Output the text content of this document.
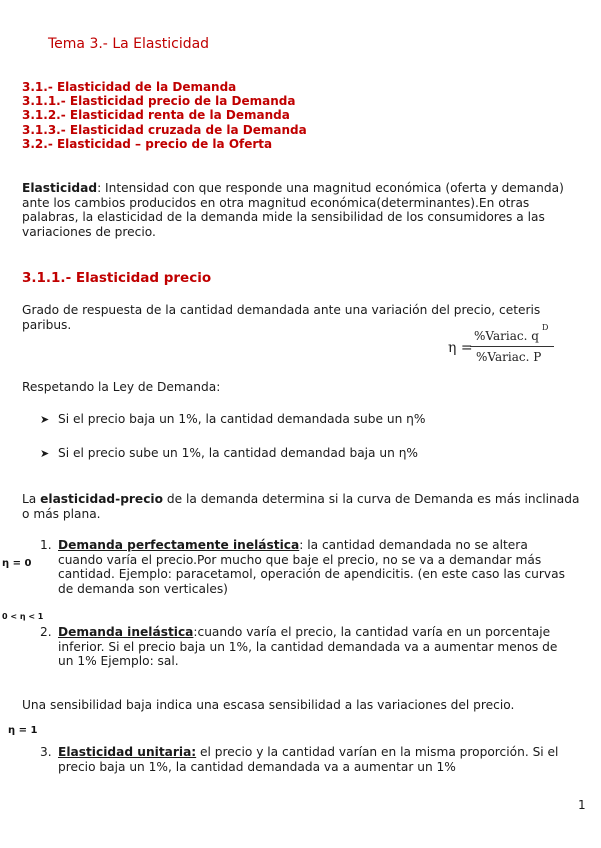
Tema 3.- La Elasticidad
3.1.- Elasticidad de la Demanda
3.1.1.- Elasticidad precio de la Demanda
3.1.2.- Elasticidad renta de la Demanda
3.1.3.- Elasticidad cruzada de la Demanda
3.2.- Elasticidad – precio de la Oferta
Elasticidad: Intensidad con que responde una magnitud económica (oferta y demanda) ante los cambios producidos en otra magnitud económica(determinantes).En otras palabras, la elasticidad de la demanda mide la sensibilidad de los consumidores a las variaciones de precio.
3.1.1.- Elasticidad precio
Grado de respuesta de la cantidad demandada ante una variación del precio, ceteris paribus.
η =
%Variac. q
D
%Variac. P
Respetando la Ley de Demanda:
➤ Si el precio baja un 1%, la cantidad demandada sube un η%
➤ Si el precio sube un 1%, la cantidad demandad baja un η%
La elasticidad-precio de la demanda determina si la curva de Demanda es más inclinada o más plana.
η = 0
1. Demanda perfectamente inelástica: la cantidad demandada no se altera cuando varía el precio.Por mucho que baje el precio, no se va a demandar más cantidad. Ejemplo: paracetamol, operación de apendicitis. (en este caso las curvas de demanda son verticales)
0 < η < 1
2. Demanda inelástica:cuando varía el precio, la cantidad varía en un porcentaje inferior. Si el precio baja un 1%, la cantidad demandada va a aumentar menos de un 1% Ejemplo: sal.
Una sensibilidad baja indica una escasa sensibilidad a las variaciones del precio.
η = 1
3. Elasticidad unitaria: el precio y la cantidad varían en la misma proporción. Si el precio baja un 1%, la cantidad demandada va a aumentar un 1%
1
